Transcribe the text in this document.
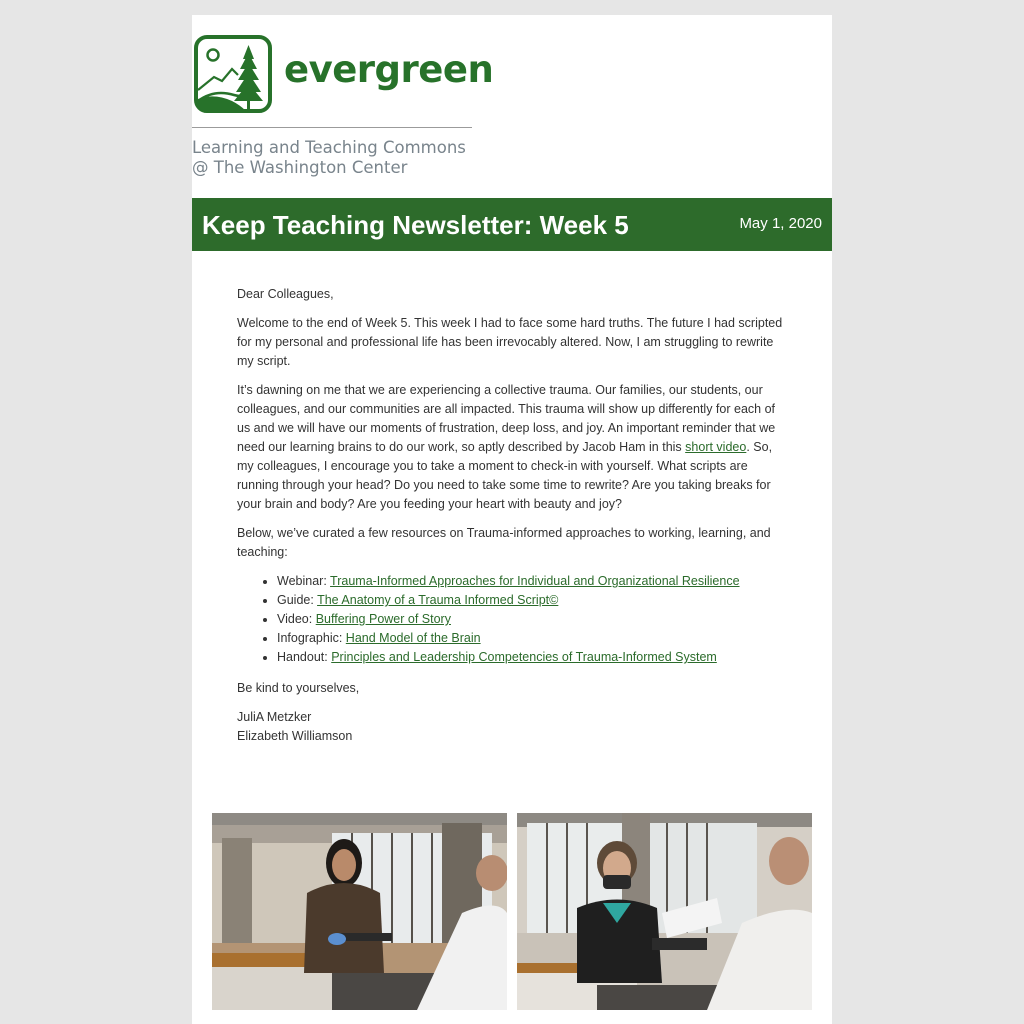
evergreen
Learning and Teaching Commons
@ The Washington Center
Keep Teaching Newsletter: Week 5	May 1, 2020

Dear Colleagues,

Welcome to the end of Week 5. This week I had to face some hard truths. The future I had scripted for my personal and professional life has been irrevocably altered. Now, I am struggling to rewrite my script.

It’s dawning on me that we are experiencing a collective trauma. Our families, our students, our colleagues, and our communities are all impacted. This trauma will show up differently for each of us and we will have our moments of frustration, deep loss, and joy. An important reminder that we need our learning brains to do our work, so aptly described by Jacob Ham in this short video. So, my colleagues, I encourage you to take a moment to check-in with yourself. What scripts are running through your head? Do you need to take some time to rewrite? Are you taking breaks for your brain and body? Are you feeding your heart with beauty and joy?

Below, we’ve curated a few resources on Trauma-informed approaches to working, learning, and teaching:

• Webinar: Trauma-Informed Approaches for Individual and Organizational Resilience
• Guide: The Anatomy of a Trauma Informed Script©
• Video: Buffering Power of Story
• Infographic: Hand Model of the Brain
• Handout: Principles and Leadership Competencies of Trauma-Informed System

Be kind to yourselves,

JuliA Metzker
Elizabeth Williamson
